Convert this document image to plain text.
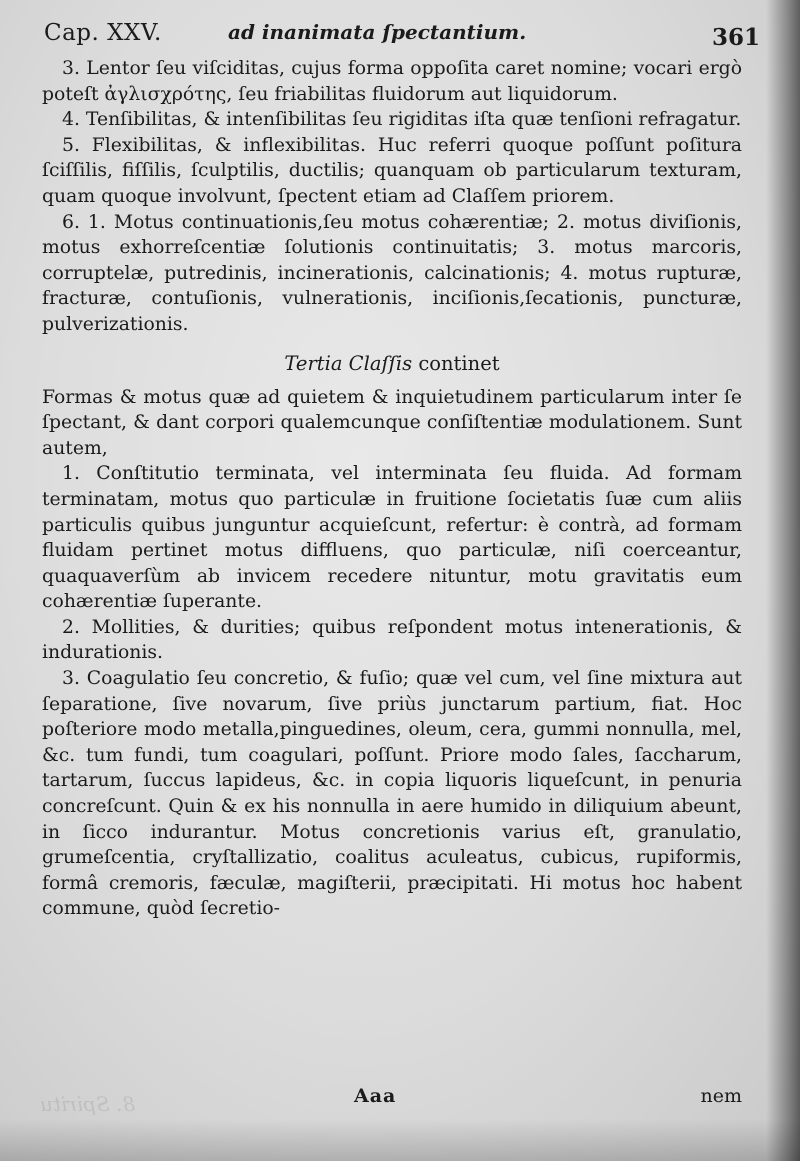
Cap. XXV.	ad inanimata ſpectantium.	361

3. Lentor ſeu viſciditas, cujus forma oppoſita caret nomine; vocari ergò poteſt ἀγλισχρότης, ſeu friabilitas fluidorum aut liquidorum.

4. Tenſibilitas, & intenſibilitas ſeu rigiditas iſta quæ tenſioni refragatur.

5. Flexibilitas, & inflexibilitas. Huc referri quoque poſſunt poſitura ſciſſilis, fiſſilis, ſculptilis, ductilis; quanquam ob particularum texturam, quam quoque involvunt, ſpectent etiam ad Claſſem priorem.

6. 1. Motus continuationis,ſeu motus cohærentiæ; 2. motus diviſionis, motus exhorreſcentiæ ſolutionis continuitatis; 3. motus marcoris, corruptelæ, putredinis, incinerationis, calcinationis; 4. motus rupturæ, fracturæ, contuſionis, vulnerationis, inciſionis,ſecationis, puncturæ, pulverizationis.

Tertia Claſſis continet

Formas & motus quæ ad quietem & inquietudinem particularum inter ſe ſpectant, & dant corpori qualemcunque conſiſtentiæ modulationem. Sunt autem,

1. Conſtitutio terminata, vel interminata ſeu fluida. Ad formam terminatam, motus quo particulæ in fruitione ſocietatis ſuæ cum aliis particulis quibus junguntur acquieſcunt, refertur: è contrà, ad formam fluidam pertinet motus diffluens, quo particulæ, niſi coerceantur, quaquaverſùm ab invicem recedere nituntur, motu gravitatis eum cohærentiæ ſuperante.

2. Mollities, & durities; quibus reſpondent motus intenerationis, & indurationis.

3. Coagulatio ſeu concretio, & fuſio; quæ vel cum, vel ſine mixtura aut ſeparatione, ſive novarum, ſive priùs junctarum partium, fiat. Hoc poſteriore modo metalla,pinguedines, oleum, cera, gummi nonnulla, mel, &c. tum fundi, tum coagulari, poſſunt. Priore modo ſales, ſaccharum, tartarum, ſuccus lapideus, &c. in copia liquoris liqueſcunt, in penuria concreſcunt. Quin & ex his nonnulla in aere humido in diliquium abeunt, in ſicco indurantur. Motus concretionis varius eſt, granulatio, grumeſcentia, cryſtallizatio, coalitus aculeatus, cubicus, rupiformis, formâ cremoris, fæculæ, magiſterii, præcipitati. Hi motus hoc habent commune, quòd ſecretio-

Aaa	nem
8. Spiritu
